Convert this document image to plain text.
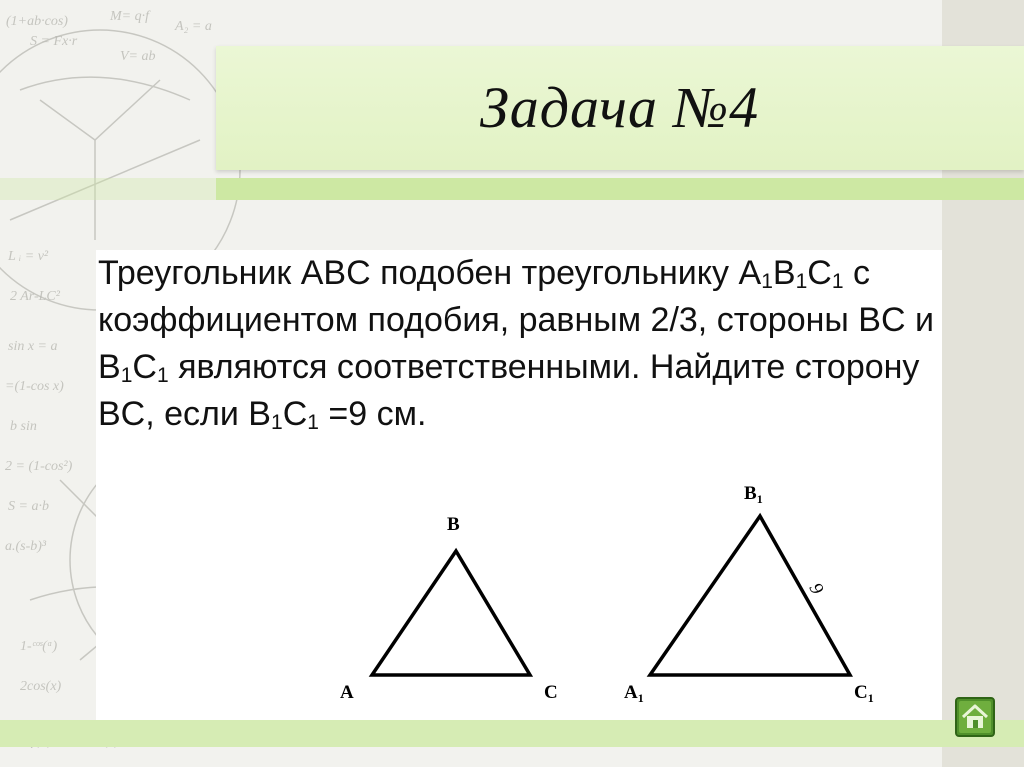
(1+ab·cos)	M= q·f
A₂ = a
S = Fx·r
V= ab
L ᵢ = v²
2 Ar-LC²
sin x = a
=(1-cos x)
b sin
2 = (1-cos²)
S = a·b
a.(s-b)³
1-ᶜᵒˢ(ᵅ)
2cos(x)
Задача №4
Треугольник ABC подобен треугольнику $A_1B_1C_1$ с коэффициентом подобия, равным 2/3, стороны BC и $B_1C_1$ являются соответственными. Найдите сторону BC, если $B_1C_1 =9$ см.
B
A	C
$B_1$
$A_1$	$C_1$
9
